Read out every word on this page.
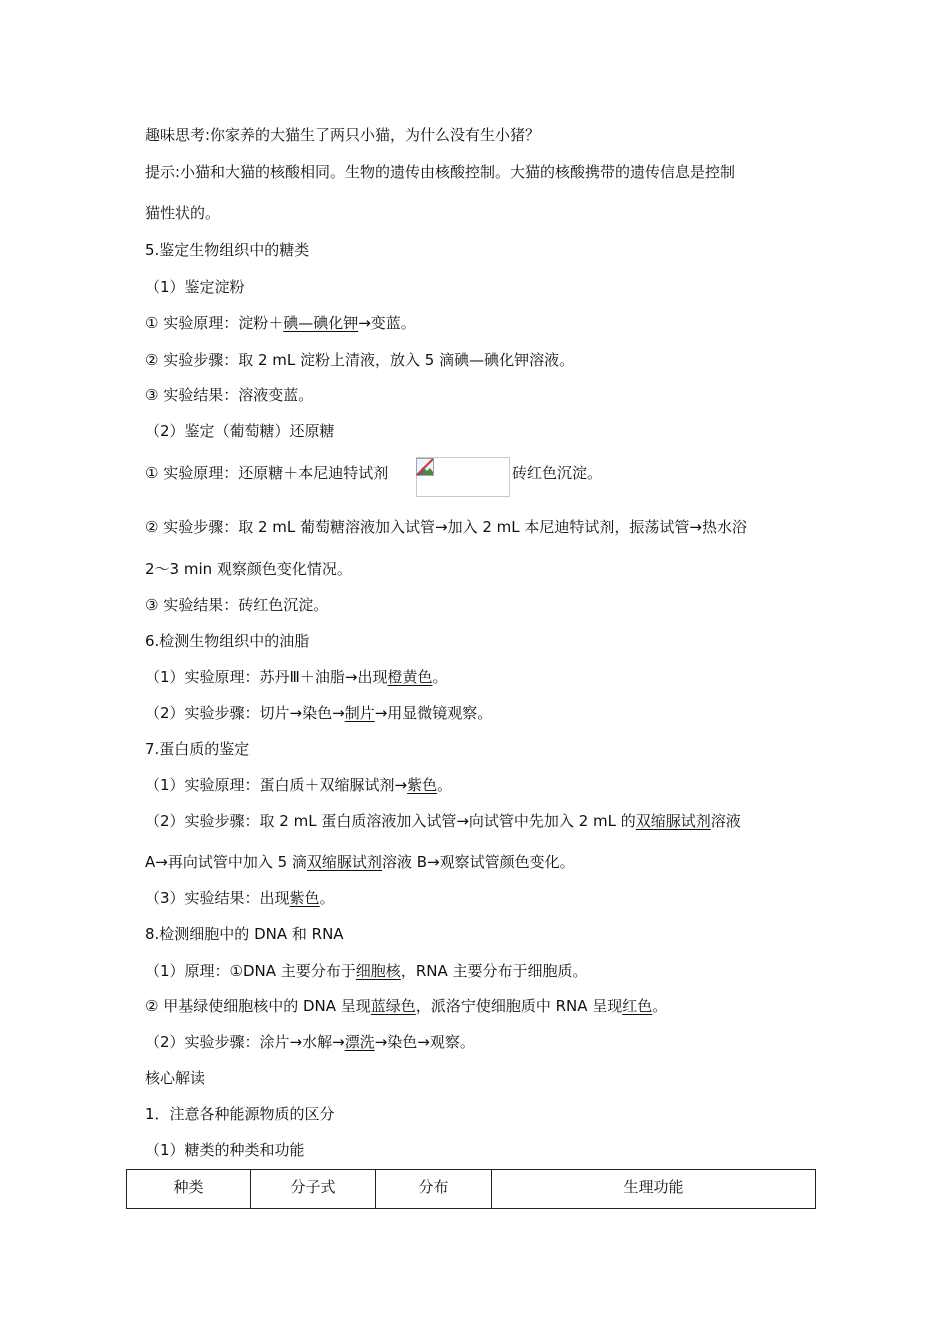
趣味思考:你家养的大猫生了两只小猫，为什么没有生小猪？
提示:小猫和大猫的核酸相同。生物的遗传由核酸控制。大猫的核酸携带的遗传信息是控制
猫性状的。
5.鉴定生物组织中的糖类
（1）鉴定淀粉
① 实验原理：淀粉＋碘—碘化钾→变蓝。
② 实验步骤：取 2 mL 淀粉上清液，放入 5 滴碘—碘化钾溶液。
③ 实验结果：溶液变蓝。
（2）鉴定（葡萄糖）还原糖
① 实验原理：还原糖＋本尼迪特试剂	砖红色沉淀。
② 实验步骤：取 2 mL 葡萄糖溶液加入试管→加入 2 mL 本尼迪特试剂，振荡试管→热水浴
2～3 min 观察颜色变化情况。
③ 实验结果：砖红色沉淀。
6.检测生物组织中的油脂
（1）实验原理：苏丹Ⅲ＋油脂→出现橙黄色。
（2）实验步骤：切片→染色→制片→用显微镜观察。
7.蛋白质的鉴定
（1）实验原理：蛋白质＋双缩脲试剂→紫色。
（2）实验步骤：取 2 mL 蛋白质溶液加入试管→向试管中先加入 2 mL 的双缩脲试剂溶液
A→再向试管中加入 5 滴双缩脲试剂溶液 B→观察试管颜色变化。
（3）实验结果：出现紫色。
8.检测细胞中的 DNA 和 RNA
（1）原理：①DNA 主要分布于细胞核，RNA 主要分布于细胞质。
② 甲基绿使细胞核中的 DNA 呈现蓝绿色，派洛宁使细胞质中 RNA 呈现红色。
（2）实验步骤：涂片→水解→漂洗→染色→观察。
核心解读
1．注意各种能源物质的区分
（1）糖类的种类和功能
种类	分子式	分布	生理功能
